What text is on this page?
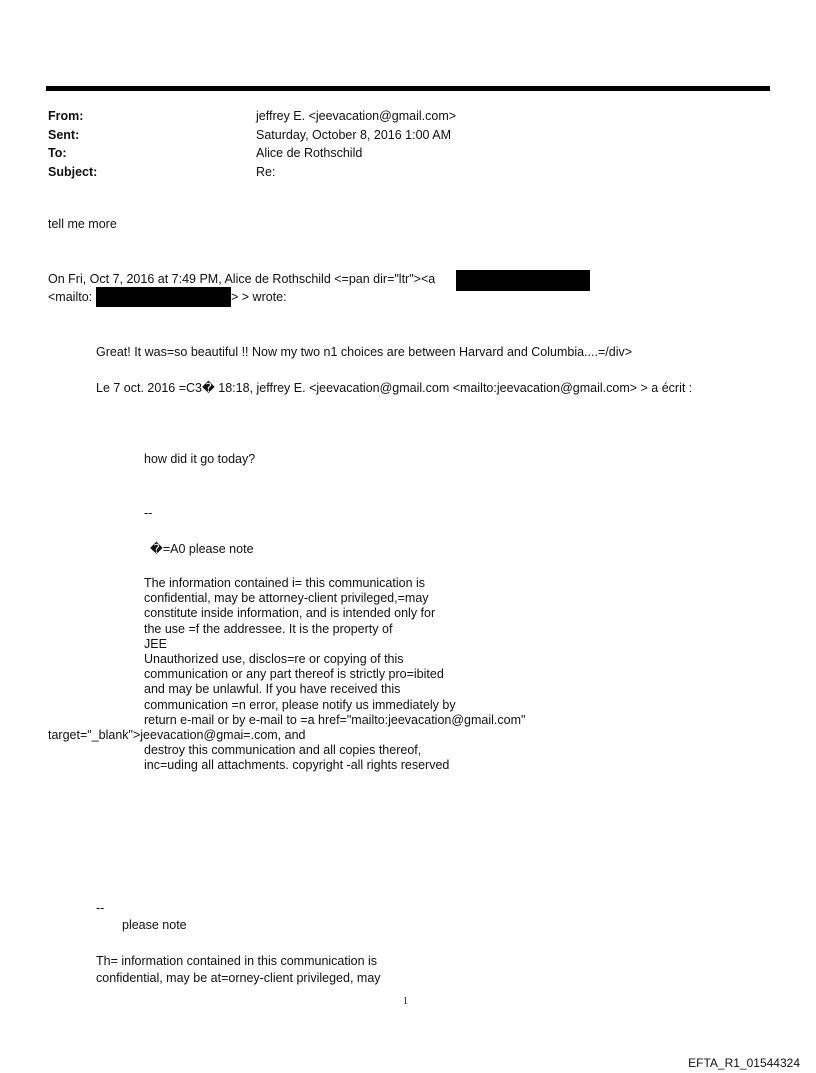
From:	jeffrey E. <jeevacation@gmail.com>
Sent:	Saturday, October 8, 2016 1:00 AM
To:	Alice de Rothschild
Subject:	Re:
tell me more
On Fri, Oct 7, 2016 at 7:49 PM, Alice de Rothschild <=pan dir="ltr"><a
<mailto:	> > wrote:
Great! It was=so beautiful !! Now my two n1 choices are between Harvard and Columbia....=/div>
Le 7 oct. 2016 =C3� 18:18, jeffrey E. <jeevacation@gmail.com <mailto:jeevacation@gmail.com> > a écrit :
how did it go today?
--
�=A0 please note
The information contained i= this communication is
confidential, may be attorney-client privileged,=may
constitute inside information, and is intended only for
the use =f the addressee. It is the property of
JEE
Unauthorized use, disclos=re or copying of this
communication or any part thereof is strictly pro=ibited
and may be unlawful. If you have received this
communication =n error, please notify us immediately by
return e-mail or by e-mail to =a href="mailto:jeevacation@gmail.com"
target="_blank">jeevacation@gmai=.com, and
destroy this communication and all copies thereof,
inc=uding all attachments. copyright -all rights reserved
--
please note
Th= information contained in this communication is
confidential, may be at=orney-client privileged, may
1
EFTA_R1_01544324
